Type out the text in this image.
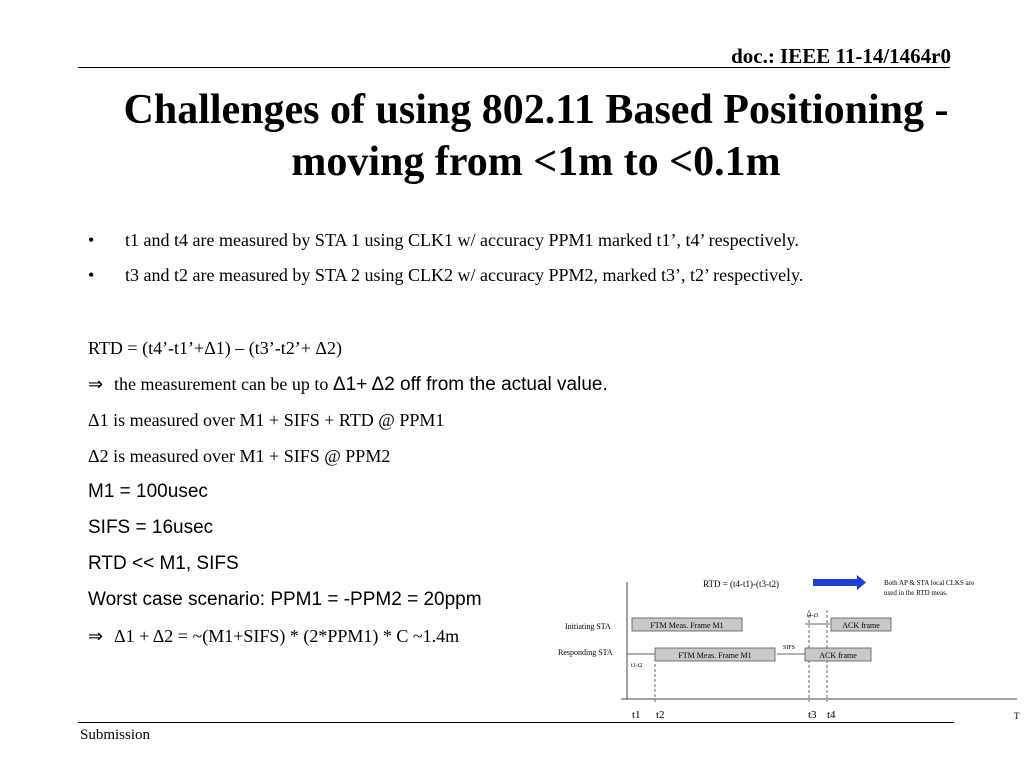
doc.: IEEE 11-14/1464r0
Challenges of using 802.11 Based Positioning -
moving from <1m to <0.1m
•	t1 and t4 are measured by STA 1 using CLK1 w/ accuracy PPM1 marked t1’, t4’ respectively.
•	t3 and t2 are measured by STA 2 using CLK2 w/ accuracy PPM2, marked t3’, t2’ respectively.
RTD = (t4’-t1’+Δ1) – (t3’-t2’+ Δ2)
⇒ the measurement can be up to Δ1+ Δ2 off from the actual value.
Δ1 is measured over M1 + SIFS + RTD @ PPM1
Δ2 is measured over M1 + SIFS @ PPM2
M1 = 100usec
SIFS = 16usec
RTD << M1, SIFS
Worst case scenario: PPM1 = -PPM2 = 20ppm
⇒ Δ1 + Δ2 = ~(M1+SIFS) * (2*PPM1) * C ~1.4m
RTD = (t4-t1)-(t3-t2)	Both AP & STA local CLKS are
used in the RTD meas.
Initiating STA
Responding STA
FTM Meas. Frame M1	ACK frame
t4-t3
FTM Meas. Frame M1	ACK frame
SIFS
t1-t2
t1 t2	t3 t4	T
Submission
